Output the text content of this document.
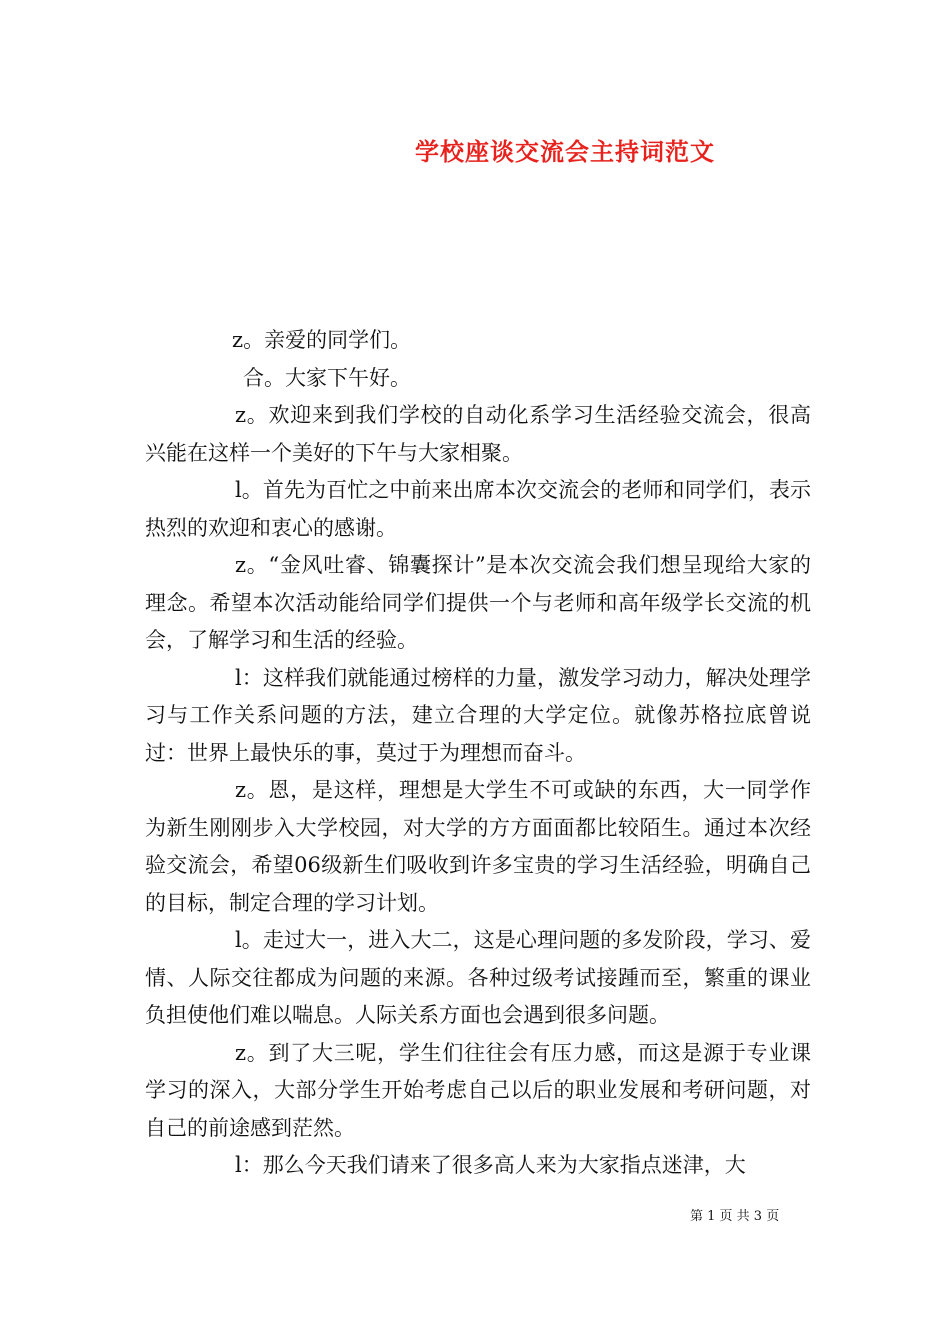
学校座谈交流会主持词范文

z。亲爱的同学们。

合。大家下午好。

z。欢迎来到我们学校的自动化系学习生活经验交流会，很高兴能在这样一个美好的下午与大家相聚。

l。首先为百忙之中前来出席本次交流会的老师和同学们，表示热烈的欢迎和衷心的感谢。

z。“金风吐睿、锦囊探计”是本次交流会我们想呈现给大家的理念。希望本次活动能给同学们提供一个与老师和高年级学长交流的机会，了解学习和生活的经验。

l：这样我们就能通过榜样的力量，激发学习动力，解决处理学习与工作关系问题的方法，建立合理的大学定位。就像苏格拉底曾说过：世界上最快乐的事，莫过于为理想而奋斗。

z。恩，是这样，理想是大学生不可或缺的东西，大一同学作为新生刚刚步入大学校园，对大学的方方面面都比较陌生。通过本次经验交流会，希望06级新生们吸收到许多宝贵的学习生活经验，明确自己的目标，制定合理的学习计划。

l。走过大一，进入大二，这是心理问题的多发阶段，学习、爱情、人际交往都成为问题的来源。各种过级考试接踵而至，繁重的课业负担使他们难以喘息。人际关系方面也会遇到很多问题。

z。到了大三呢，学生们往往会有压力感，而这是源于专业课学习的深入，大部分学生开始考虑自己以后的职业发展和考研问题，对自己的前途感到茫然。

l：那么今天我们请来了很多高人来为大家指点迷津，大

第 1 页 共 3 页
